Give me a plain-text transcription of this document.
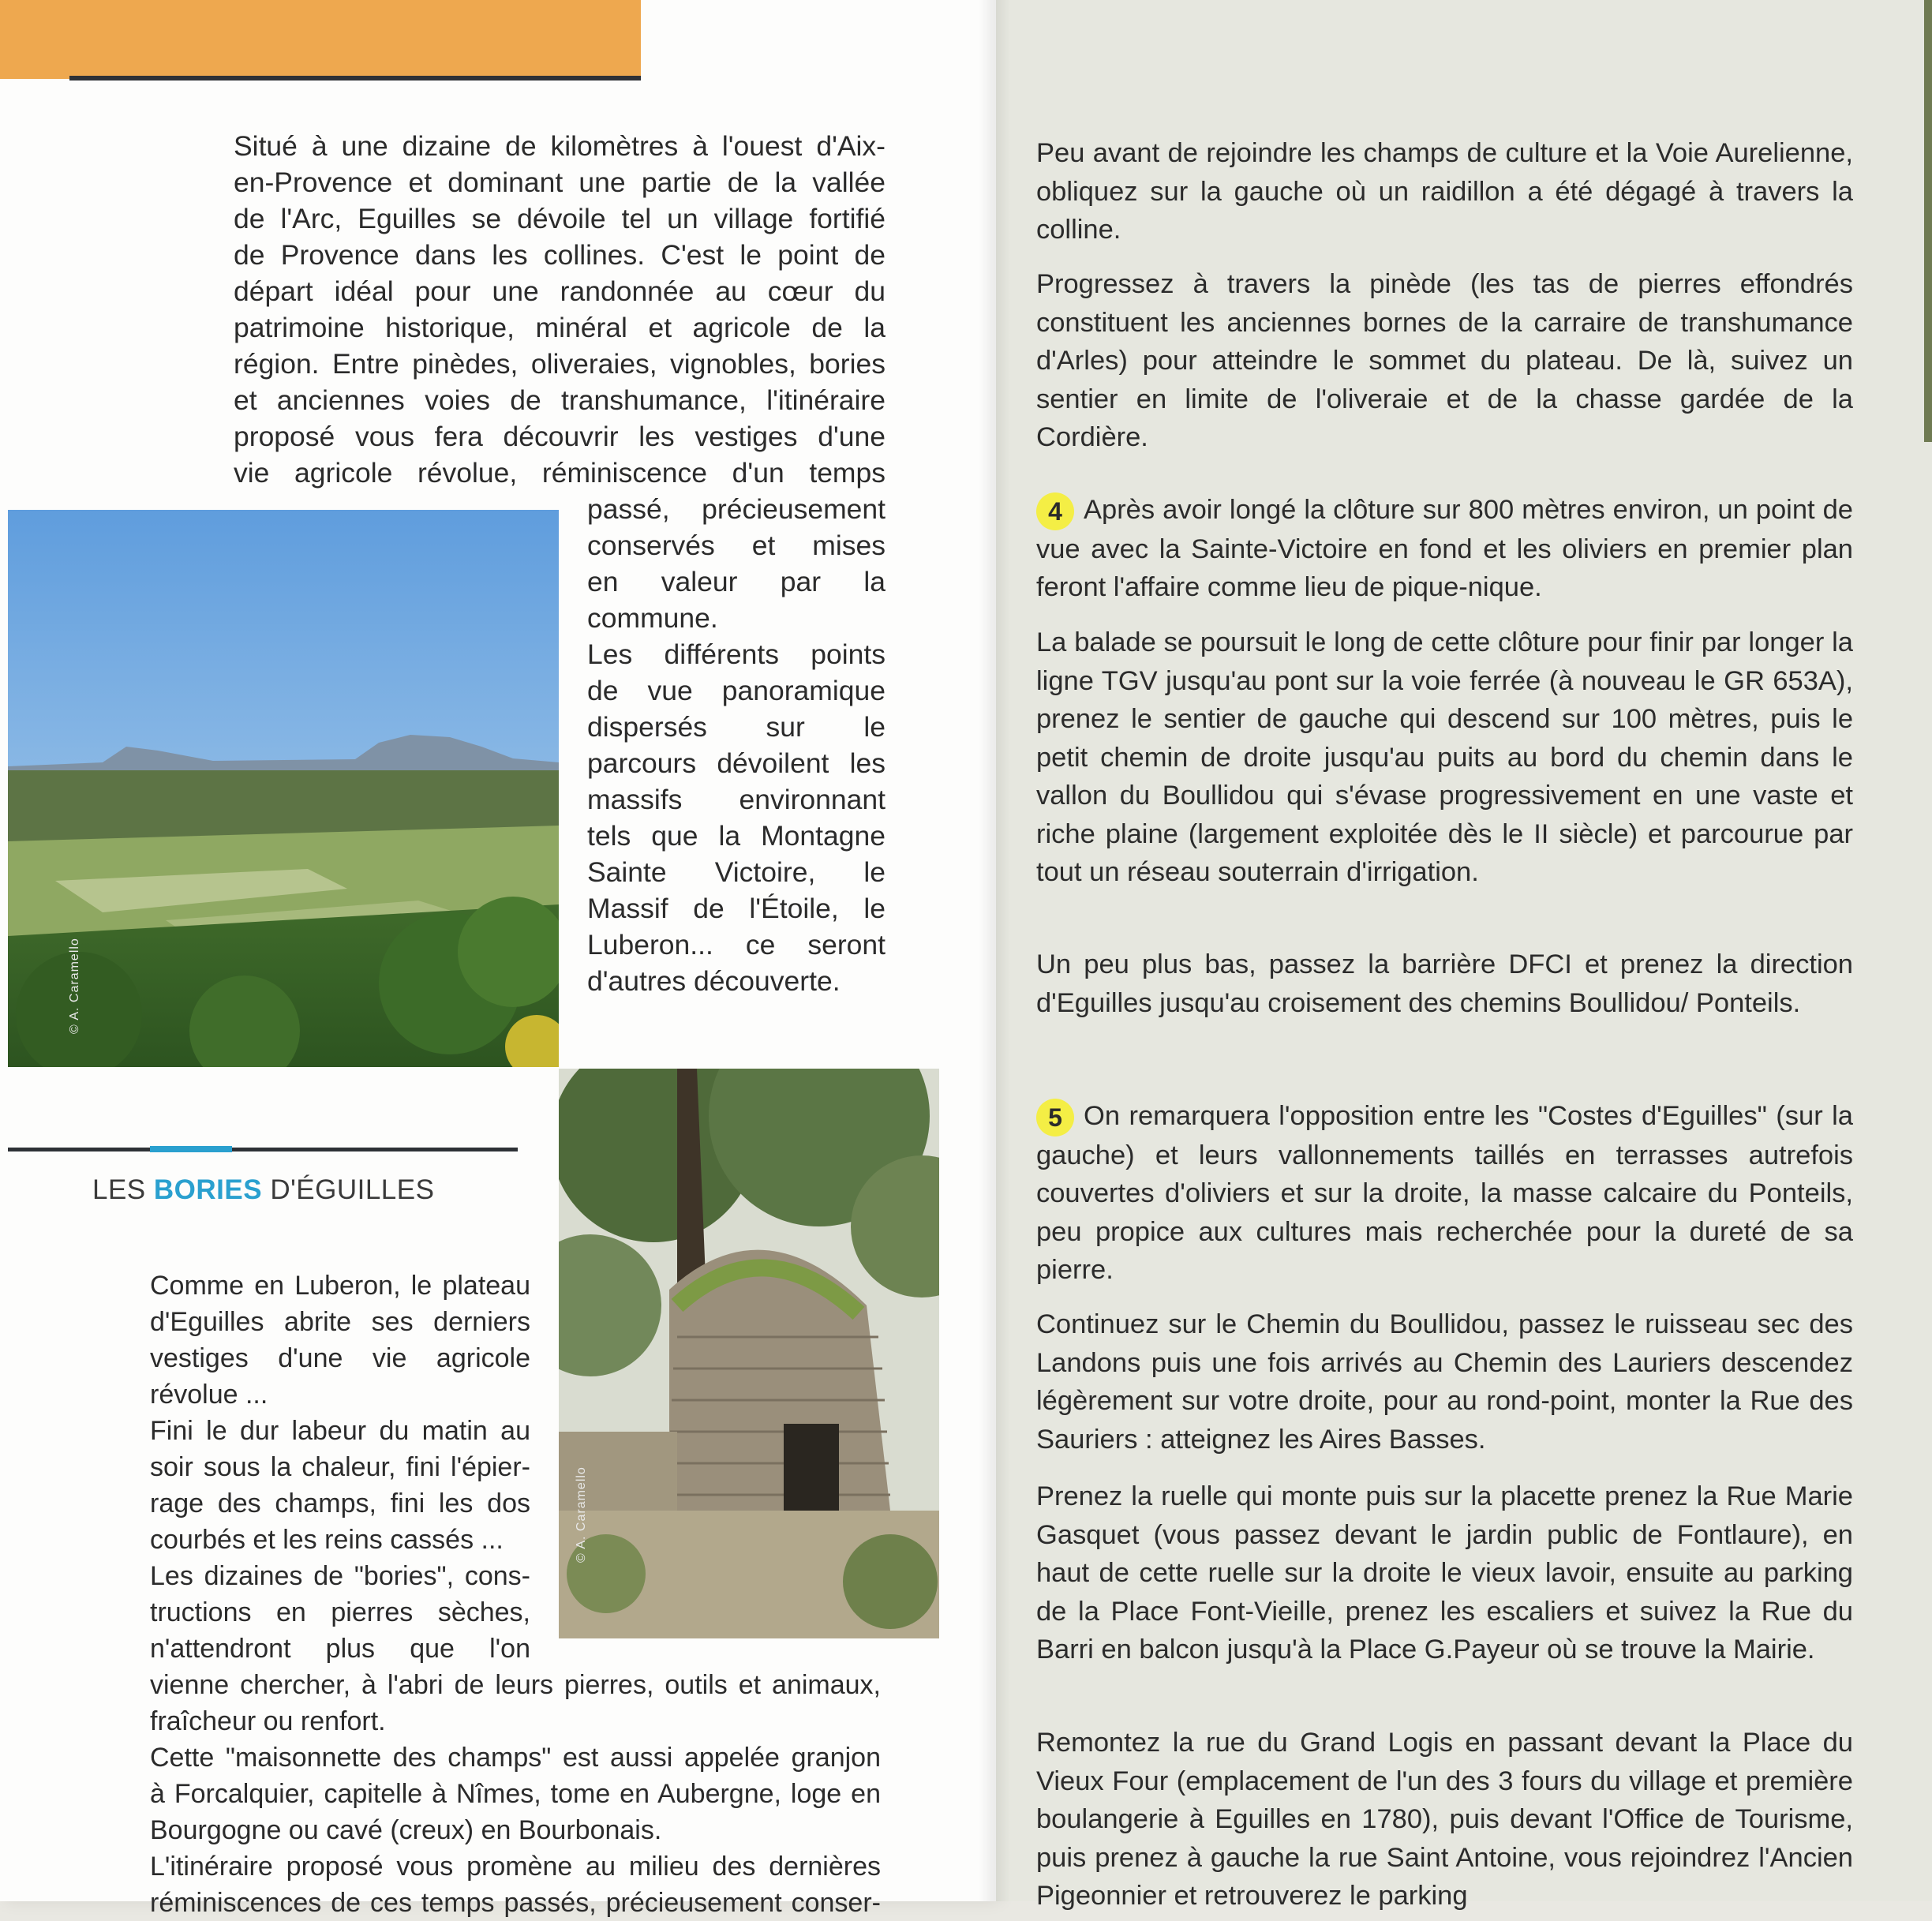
Situé à une dizaine de kilomètres à l'ouest d'Aix-

en-Provence et dominant une partie de la vallée

de l'Arc, Eguilles se dévoile tel un village fortifié

de Provence dans les collines. C'est le point de

départ idéal pour une randonnée au cœur du

patrimoine historique, minéral et agricole de la

région. Entre pinèdes, oliveraies, vignobles, bories

et anciennes voies de transhumance, l'itinéraire

proposé vous fera découvrir les vestiges d'une

vie agricole révolue, réminiscence d'un temps

passé, précieusement

conservés et mises

en valeur par la

commune.

Les différents points

de vue panoramique

dispersés sur le

parcours dévoilent les

massifs environnant

tels que la Montagne

Sainte Victoire, le

Massif de l'Étoile, le

Luberon... ce seront

d'autres découverte.

© A. Caramello
LES BORIES D'ÉGUILLES
© A. Caramello

Comme en Luberon, le plateau

d'Eguilles abrite ses derniers

vestiges d'une vie agricole

révolue ...

Fini le dur labeur du matin au

soir sous la chaleur, fini l'épier-

rage des champs, fini les dos

courbés et les reins cassés ...

Les dizaines de "bories", cons-

tructions en pierres sèches,

n'attendront plus que l'on

vienne chercher, à l'abri de leurs pierres, outils et animaux,

fraîcheur ou renfort.

Cette "maisonnette des champs" est aussi appelée granjon

à Forcalquier, capitelle à Nîmes, tome en Aubergne, loge en

Bourgogne ou cavé (creux) en Bourbonais.

L'itinéraire proposé vous promène au milieu des dernières

réminiscences de ces temps passés, précieusement conser-

Peu avant de rejoindre les champs de culture et la Voie Aurelienne, obliquez sur la gauche où un raidillon a été dégagé à travers la colline.

Progressez à travers la pinède (les tas de pierres effondrés constituent les anciennes bornes de la carraire de transhumance d'Arles) pour atteindre le sommet du plateau. De là, suivez un sentier en limite de l'oliveraie et de la chasse gardée de la Cordière.

4 Après avoir longé la clôture sur 800 mètres environ, un point de vue avec la Sainte-Victoire en fond et les oliviers en premier plan feront l'affaire comme lieu de pique-nique.

La balade se poursuit le long de cette clôture pour finir par longer la ligne TGV jusqu'au pont sur la voie ferrée (à nouveau le GR 653A), prenez le sentier de gauche qui descend sur 100 mètres, puis le petit chemin de droite jusqu'au puits au bord du chemin dans le vallon du Boullidou qui s'évase progressivement en une vaste et riche plaine (largement exploitée dès le II siècle) et parcourue par tout un réseau souterrain d'irrigation.

Un peu plus bas, passez la barrière DFCI et prenez la direction d'Eguilles jusqu'au croisement des chemins Boullidou/ Ponteils.

5 On remarquera l'opposition entre les "Costes d'Eguilles" (sur la gauche) et leurs vallonnements taillés en terrasses autrefois couvertes d'oliviers et sur la droite, la masse calcaire du Ponteils, peu propice aux cultures mais recherchée pour la dureté de sa pierre.

Continuez sur le Chemin du Boullidou, passez le ruisseau sec des Landons puis une fois arrivés au Chemin des Lauriers descendez légèrement sur votre droite, pour au rond-point, monter la Rue des Sauriers : atteignez les Aires Basses.

Prenez la ruelle qui monte puis sur la placette prenez la Rue Marie Gasquet (vous passez devant le jardin public de Fontlaure), en haut de cette ruelle sur la droite le vieux lavoir, ensuite au parking de la Place Font-Vieille, prenez les escaliers et suivez la Rue du Barri en balcon jusqu'à la Place G.Payeur où se trouve la Mairie.

Remontez la rue du Grand Logis en passant devant la Place du Vieux Four (emplacement de l'un des 3 fours du village et première boulangerie à Eguilles en 1780), puis devant l'Office de Tourisme, puis prenez à gauche la rue Saint Antoine, vous rejoindrez l'Ancien Pigeonnier et retrouverez le parking
